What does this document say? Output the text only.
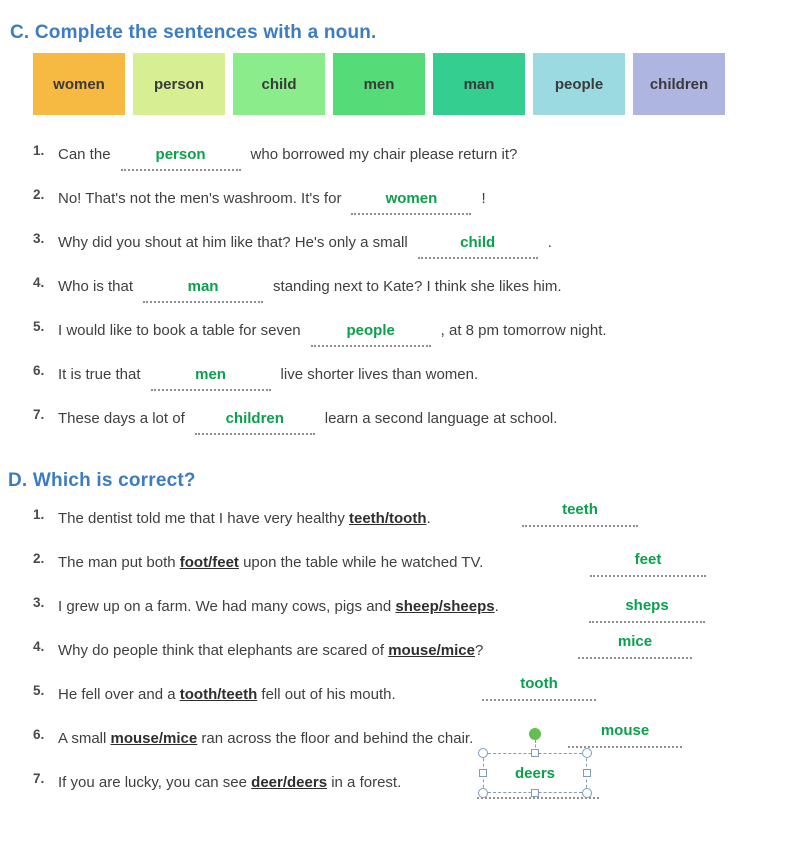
C. Complete the sentences with a noun.
women	person	child	men	man	people	children
1. Can the	person	who borrowed my chair please return it?
2. No! That's not the men's washroom. It's for	women	!
3. Why did you shout at him like that? He's only a small	child	.
4. Who is that	man	standing next to Kate? I think she likes him.
5. I would like to book a table for seven	people	, at 8 pm tomorrow night.
6. It is true that	men	live shorter lives than women.
7. These days a lot of	children	learn a second language at school.
D. Which is correct?
1. The dentist told me that I have very healthy teeth/tooth.
teeth
2. The man put both foot/feet upon the table while he watched TV.	feet
3. I grew up on a farm. We had many cows, pigs and sheep/sheeps.	sheps
4. Why do people think that elephants are scared of mouse/mice?
mice
5. He fell over and a tooth/teeth fell out of his mouth.
tooth
6. A small mouse/mice ran across the floor and behind the chair.	mouse
7. If you are lucky, you can see deer/deers in a forest.
deers
